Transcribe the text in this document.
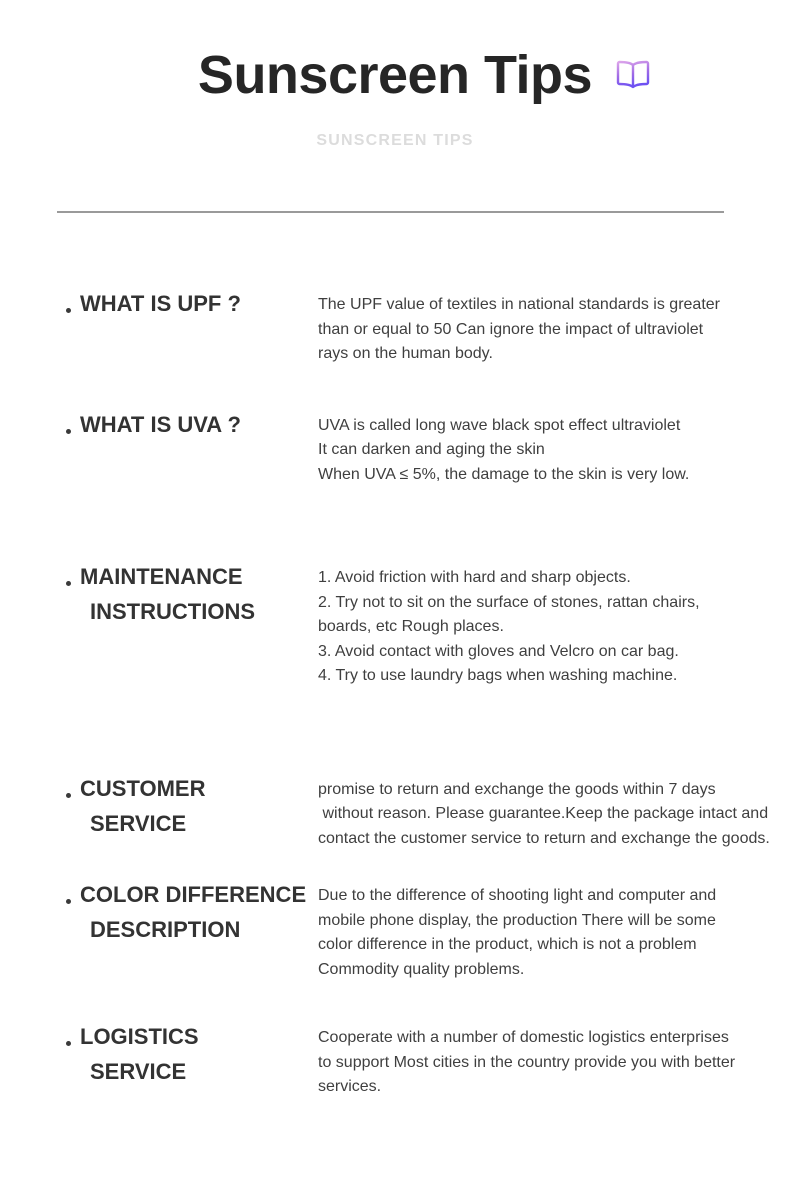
Sunscreen Tips
SUNSCREEN TIPS
WHAT IS UPF ?	The UPF value of textiles in national standards is greater
than or equal to 50 Can ignore the impact of ultraviolet
rays on the human body.
WHAT IS UVA ?	UVA is called long wave black spot effect ultraviolet
It can darken and aging the skin
When UVA ≤ 5%, the damage to the skin is very low.
MAINTENANCE
INSTRUCTIONS
1. Avoid friction with hard and sharp objects.
2. Try not to sit on the surface of stones, rattan chairs,
boards, etc Rough places.
3. Avoid contact with gloves and Velcro on car bag.
4. Try to use laundry bags when washing machine.
CUSTOMER
SERVICE
promise to return and exchange the goods within 7 days
without reason. Please guarantee.Keep the package intact and
contact the customer service to return and exchange the goods.
COLOR DIFFERENCE
DESCRIPTION
Due to the difference of shooting light and computer and
mobile phone display, the production There will be some
color difference in the product, which is not a problem
Commodity quality problems.
LOGISTICS
SERVICE
Cooperate with a number of domestic logistics enterprises
to support Most cities in the country provide you with better
services.
